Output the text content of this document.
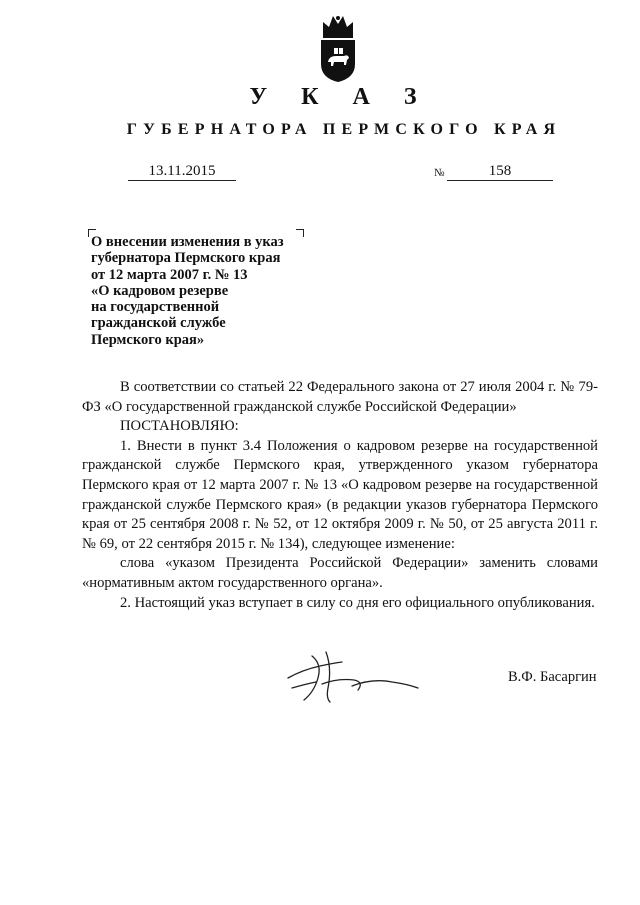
У К А З
ГУБЕРНАТОРА ПЕРМСКОГО КРАЯ
13.11.2015	№	158
О внесении изменения в указ
губернатора Пермского края
от 12 марта 2007 г. № 13
«О кадровом резерве
на государственной
гражданской службе
Пермского края»

В соответствии со статьей 22 Федерального закона от 27 июля 2004 г. № 79-ФЗ «О государственной гражданской службе Российской Федерации»

ПОСТАНОВЛЯЮ:

1. Внести в пункт 3.4 Положения о кадровом резерве на государственной гражданской службе Пермского края, утвержденного указом губернатора Пермского края от 12 марта 2007 г. № 13 «О кадровом резерве на государственной гражданской службе Пермского края» (в редакции указов губернатора Пермского края от 25 сентября 2008 г. № 52, от 12 октября 2009 г. № 50, от 25 августа 2011 г. № 69, от 22 сентября 2015 г. № 134), следующее изменение:

слова «указом Президента Российской Федерации» заменить словами «нормативным актом государственного органа».

2. Настоящий указ вступает в силу со дня его официального опубликования.

В.Ф. Басаргин
